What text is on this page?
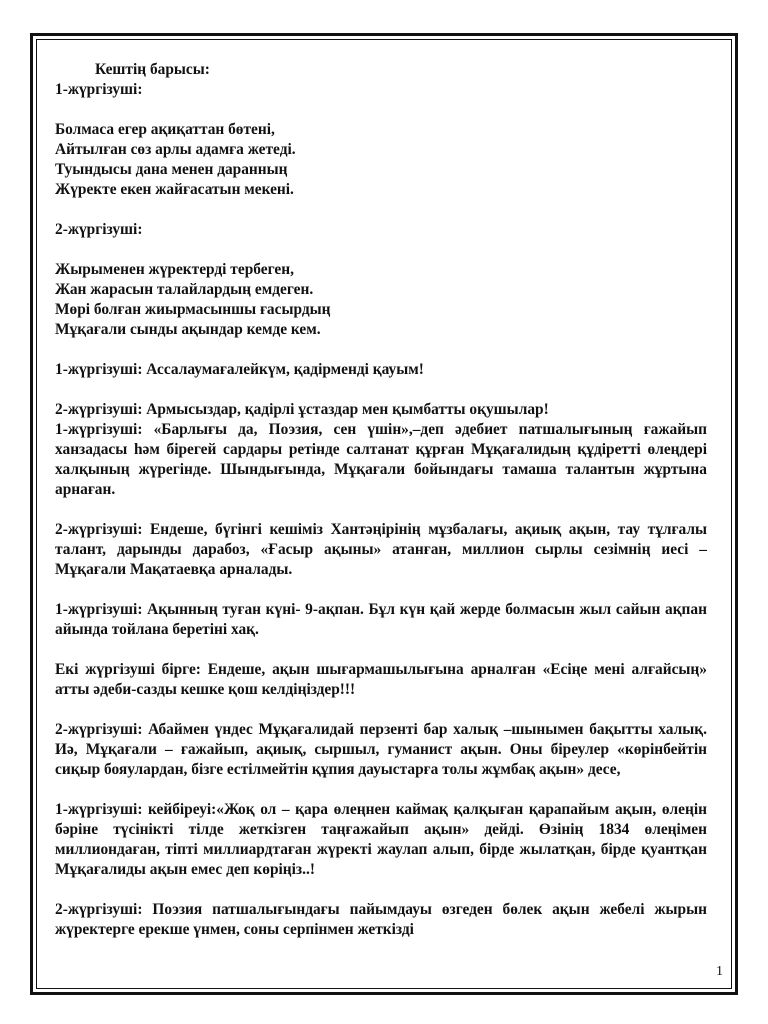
Кештің барысы:
1-жүргізуші:

Болмаса егер ақиқаттан бөтені,
Айтылған сөз арлы адамға жетеді.
Туындысы дана менен даранның
Жүректе екен жайғасатын мекені.

2-жүргізуші:

Жырыменен жүректерді тербеген,
Жан жарасын талайлардың емдеген.
Мөрі болған жиырмасыншы ғасырдың
Мұқағали сынды ақындар кемде кем.

1-жүргізуші: Ассалаумағалейкүм, қадірменді қауым!

2-жүргізуші: Армысыздар, қадірлі ұстаздар мен қымбатты оқушылар!

1-жүргізуші: «Барлығы да, Поэзия, сен үшін»,–деп әдебиет патшалығының ғажайып ханзадасы һәм бірегей сардары ретінде салтанат құрған Мұқағалидың құдіретті өлеңдері халқының жүрегінде. Шындығында, Мұқағали бойындағы тамаша талантын жұртына арнаған.

2-жүргізуші: Ендеше, бүгінгі кешіміз Хантәңірінің мұзбалағы, ақиық ақын, тау тұлғалы талант, дарынды дарабоз, «Ғасыр ақыны» атанған, миллион сырлы сезімнің иесі – Мұқағали Мақатаевқа арналады.

1-жүргізуші: Ақынның туған күні- 9-ақпан. Бұл күн қай жерде болмасын жыл сайын ақпан айында тойлана беретіні хақ.

Екі жүргізуші бірге: Ендеше, ақын шығармашылығына арналған «Есіңе мені алғайсың» атты әдеби-сазды кешке қош келдіңіздер!!!

2-жүргізуші: Абаймен үндес Мұқағалидай перзенті бар халық –шынымен бақытты халық. Иә, Мұқағали – ғажайып, ақиық, сыршыл, гуманист ақын. Оны біреулер «көрінбейтін сиқыр бояулардан, бізге естілмейтін құпия дауыстарға толы жұмбақ ақын» десе,

1-жүргізуші: кейбіреуі:«Жоқ ол – қара өлеңнен каймақ қалқыған қарапайым ақын, өлеңін бәріне түсінікті тілде жеткізген таңғажайып ақын» дейді. Өзінің 1834 өлеңімен миллиондаған, тіпті миллиардтаған жүректі жаулап алып, бірде жылатқан, бірде қуантқан Мұқағалиды ақын емес деп көріңіз..!

2-жүргізуші: Поэзия патшалығындағы пайымдауы өзгеден бөлек ақын жебелі жырын жүректерге ерекше үнмен, соны серпінмен жеткізді

1
